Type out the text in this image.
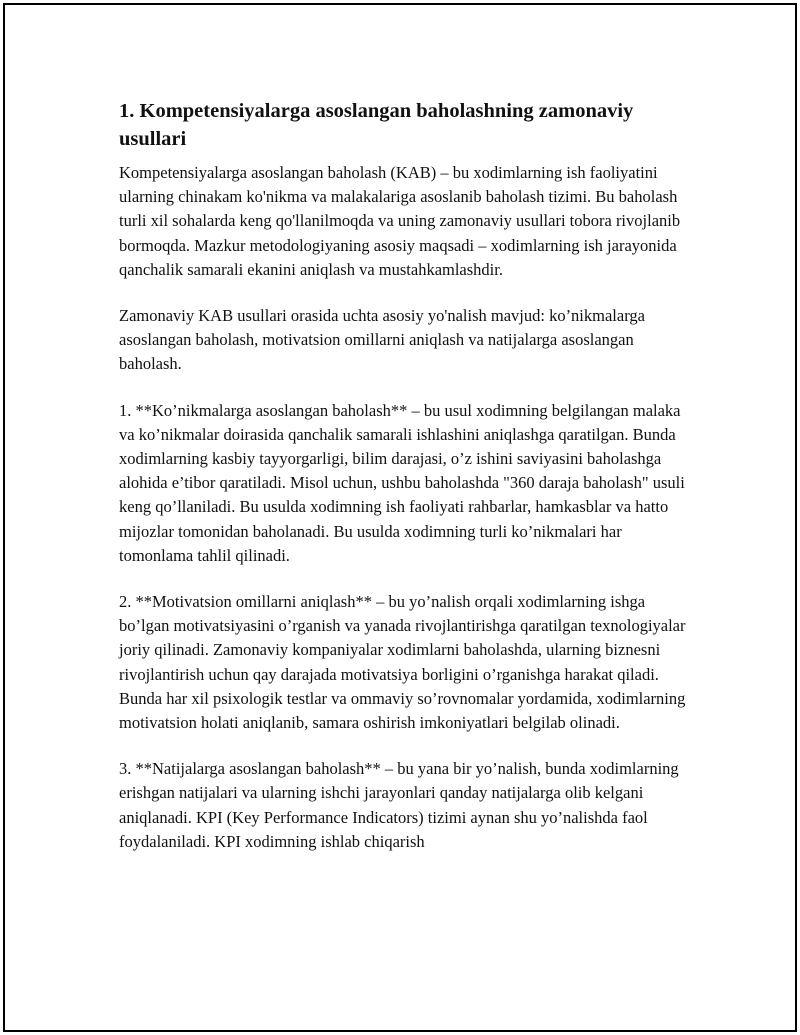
1. Kompetensiyalarga asoslangan baholashning zamonaviy usullari

Kompetensiyalarga asoslangan baholash (KAB) – bu xodimlarning ish faoliyatini ularning chinakam ko'nikma va malakalariga asoslanib baholash tizimi. Bu baholash turli xil sohalarda keng qo'llanilmoqda va uning zamonaviy usullari tobora rivojlanib bormoqda. Mazkur metodologiyaning asosiy maqsadi – xodimlarning ish jarayonida qanchalik samarali ekanini aniqlash va mustahkamlashdir.

Zamonaviy KAB usullari orasida uchta asosiy yo'nalish mavjud: ko’nikmalarga asoslangan baholash, motivatsion omillarni aniqlash va natijalarga asoslangan baholash.

1. **Ko’nikmalarga asoslangan baholash** – bu usul xodimning belgilangan malaka va ko’nikmalar doirasida qanchalik samarali ishlashini aniqlashga qaratilgan. Bunda xodimlarning kasbiy tayyorgarligi, bilim darajasi, o’z ishini saviyasini baholashga alohida e’tibor qaratiladi. Misol uchun, ushbu baholashda "360 daraja baholash" usuli keng qo’llaniladi. Bu usulda xodimning ish faoliyati rahbarlar, hamkasblar va hatto mijozlar tomonidan baholanadi. Bu usulda xodimning turli ko’nikmalari har tomonlama tahlil qilinadi.

2. **Motivatsion omillarni aniqlash** – bu yo’nalish orqali xodimlarning ishga bo’lgan motivatsiyasini o’rganish va yanada rivojlantirishga qaratilgan texnologiyalar joriy qilinadi. Zamonaviy kompaniyalar xodimlarni baholashda, ularning biznesni rivojlantirish uchun qay darajada motivatsiya borligini o’rganishga harakat qiladi. Bunda har xil psixologik testlar va ommaviy so’rovnomalar yordamida, xodimlarning motivatsion holati aniqlanib, samara oshirish imkoniyatlari belgilab olinadi.

3. **Natijalarga asoslangan baholash** – bu yana bir yo’nalish, bunda xodimlarning erishgan natijalari va ularning ishchi jarayonlari qanday natijalarga olib kelgani aniqlanadi. KPI (Key Performance Indicators) tizimi aynan shu yo’nalishda faol foydalaniladi. KPI xodimning ishlab chiqarish
